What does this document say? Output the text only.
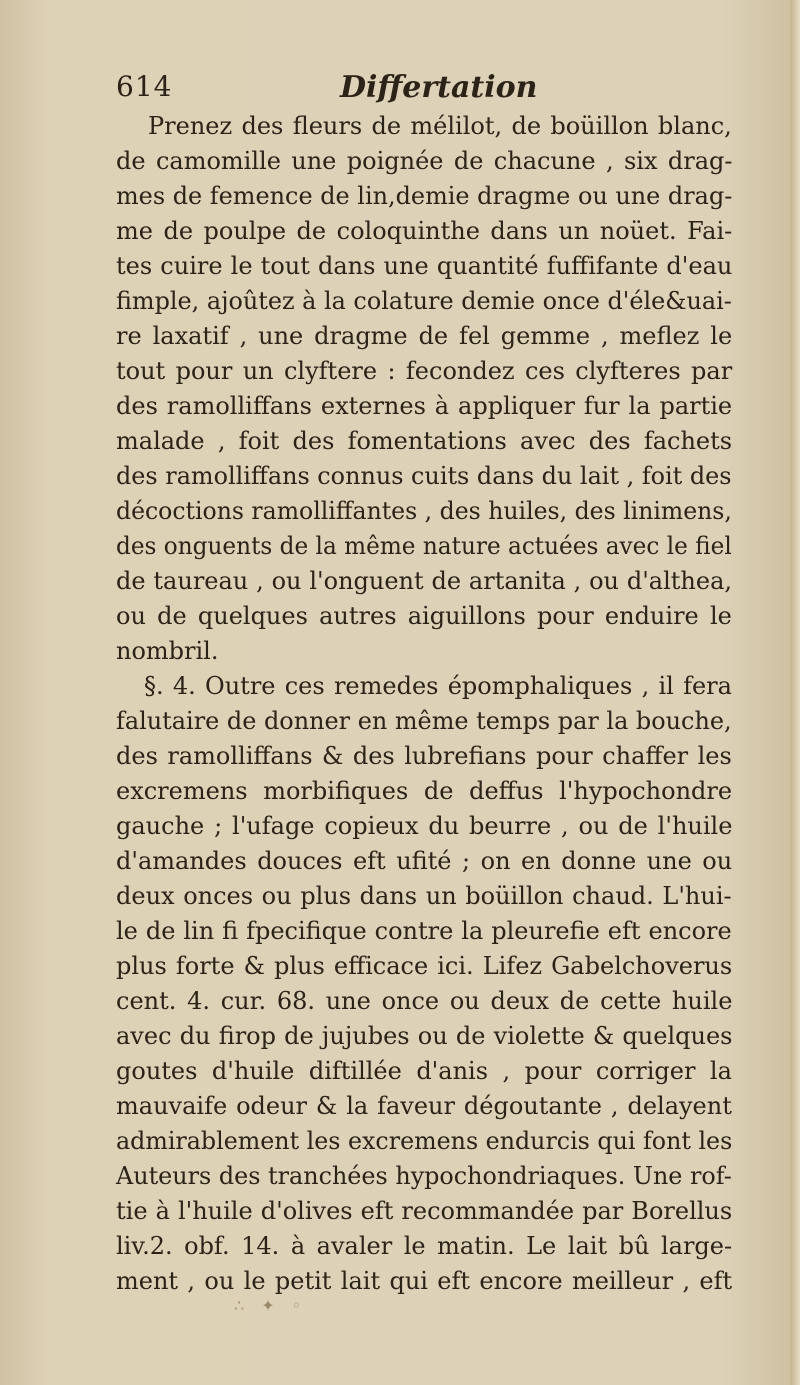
614	Differtation
Prenez des fleurs de mélilot, de boüillon blanc,
de camomille une poignée de chacune , six drag-
mes de femence de lin,demie dragme ou une drag-
me de poulpe de coloquinthe dans un noüet. Fai-
tes cuire le tout dans une quantité fuffifante d'eau
fimple, ajoûtez à la colature demie once d'éle&uai-
re laxatif , une dragme de fel gemme , meflez le
tout pour un clyftere : fecondez ces clyfteres par
des ramolliffans externes à appliquer fur la partie
malade , foit des fomentations avec des fachets
des ramolliffans connus cuits dans du lait , foit des
décoctions ramolliffantes , des huiles, des linimens,
des onguents de la même nature actuées avec le fiel
de taureau , ou l'onguent de artanita , ou d'althea,
ou de quelques autres aiguillons pour enduire le
nombril.
§. 4. Outre ces remedes épomphaliques , il fera
falutaire de donner en même temps par la bouche,
des ramolliffans & des lubrefians pour chaffer les
excremens morbifiques de deffus l'hypochondre
gauche ; l'ufage copieux du beurre , ou de l'huile
d'amandes douces eft ufité ; on en donne une ou
deux onces ou plus dans un boüillon chaud. L'hui-
le de lin fi fpecifique contre la pleurefie eft encore
plus forte & plus efficace ici. Lifez Gabelchoverus
cent. 4. cur. 68. une once ou deux de cette huile
avec du firop de jujubes ou de violette & quelques
goutes d'huile diftillée d'anis , pour corriger la
mauvaife odeur & la faveur dégoutante , delayent
admirablement les excremens endurcis qui font les
Auteurs des tranchées hypochondriaques. Une rof-
tie à l'huile d'olives eft recommandée par Borellus
liv.2. obf. 14. à avaler le matin. Le lait bû large-
ment , ou le petit lait qui eft encore meilleur , eft
∴ ✦ ◦
